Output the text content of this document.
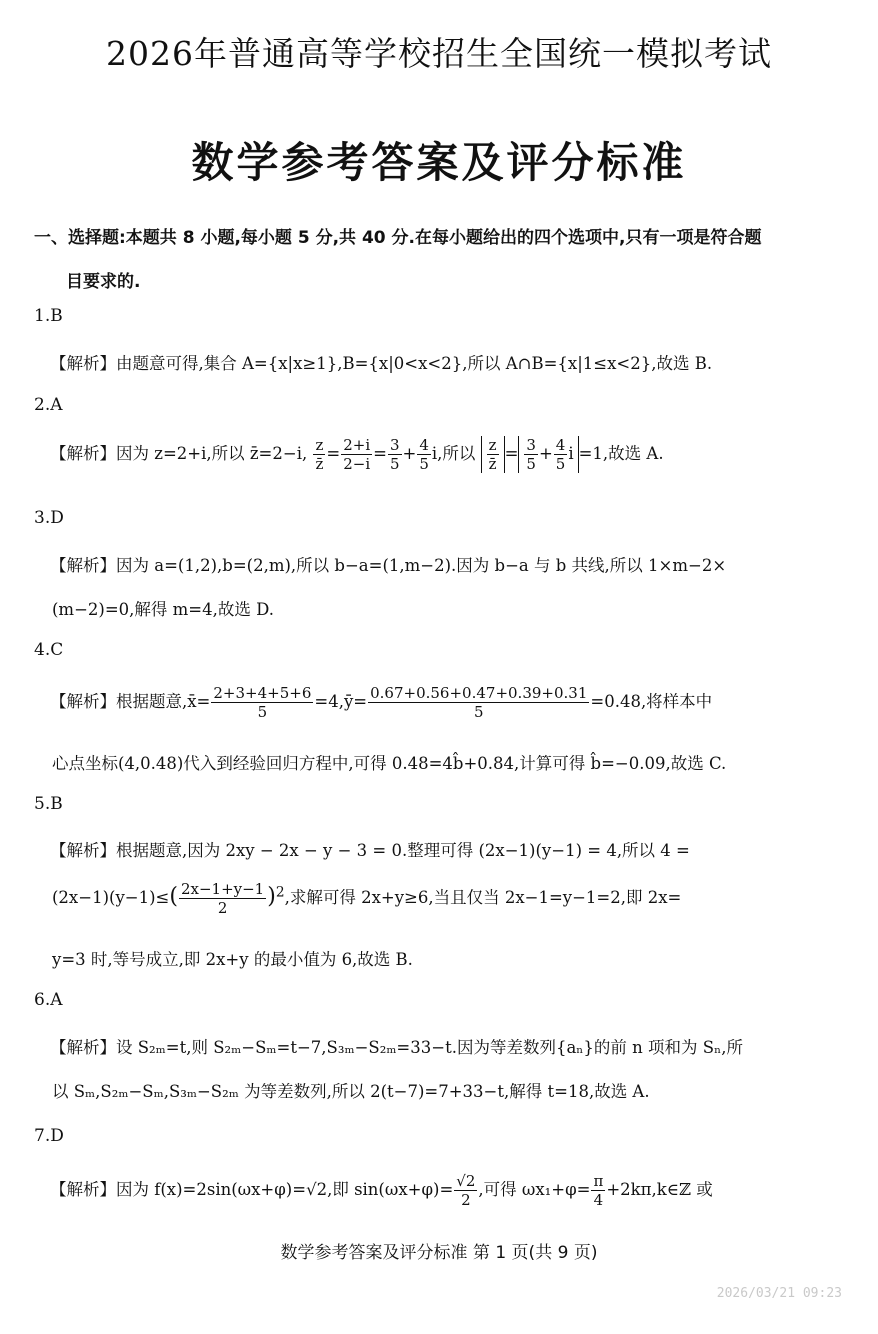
2026年普通高等学校招生全国统一模拟考试
数学参考答案及评分标准
一、选择题:本题共 8 小题,每小题 5 分,共 40 分.在每小题给出的四个选项中,只有一项是符合题
目要求的.
1.B
【解析】由题意可得,集合 A={x|x≥1},B={x|0<x<2},所以 A∩B={x|1≤x<2},故选 B.
2.A
【解析】因为 z=2+i,所以 z̄=2−i, $\frac{z}{z̄} = \frac{2+i}{2-i} = \frac{3}{5} + \frac{4}{5} i$,所以 $\frac{z}{z̄} = \frac{3}{5} + \frac{4}{5}$ i =1,故选 A.
3.D
【解析】因为 a=(1,2),b=(2,m),所以 b−a=(1,m−2).因为 b−a 与 b 共线,所以 1×m−2×
(m−2)=0,解得 m=4,故选 D.
4.C
【解析】根据题意,x̄= $\frac{2+3+4+5+6}{5}$ =4,ȳ= $\frac{0.67+0.56+0.47+0.39+0.31}{5} =0.48$,将样本中
心点坐标(4,0.48)代入到经验回归方程中,可得 0.48=4b̂+0.84,计算可得 b̂=−0.09,故选 C.
5.B
【解析】根据题意,因为 2xy − 2x − y − 3 = 0.整理可得 (2x−1)(y−1) = 4,所以 4 =
$(2x-1)(y-1)\le( \frac{2x-1+y-1}{2} )^2$,求解可得 2x+y≥6,当且仅当 2x−1=y−1=2,即 2x=
y=3 时,等号成立,即 2x+y 的最小值为 6,故选 B.
6.A
【解析】设 S₂ₘ=t,则 S₂ₘ−Sₘ=t−7,S₃ₘ−S₂ₘ=33−t.因为等差数列{aₙ}的前 n 项和为 Sₙ,所
以 Sₘ,S₂ₘ−Sₘ,S₃ₘ−S₂ₘ 为等差数列,所以 2(t−7)=7+33−t,解得 t=18,故选 A.
7.D
【解析】因为 f(x)=2sin(ωx+φ)=√2,即 $\sin(\omega x+\varphi)= \frac{√2}{2}$ ,可得 $\omega x_1+\varphi= \frac{\pi}{4}$ +2kπ,k∈ℤ 或
数学参考答案及评分标准 第 1 页(共 9 页)
2026/03/21 09:23
